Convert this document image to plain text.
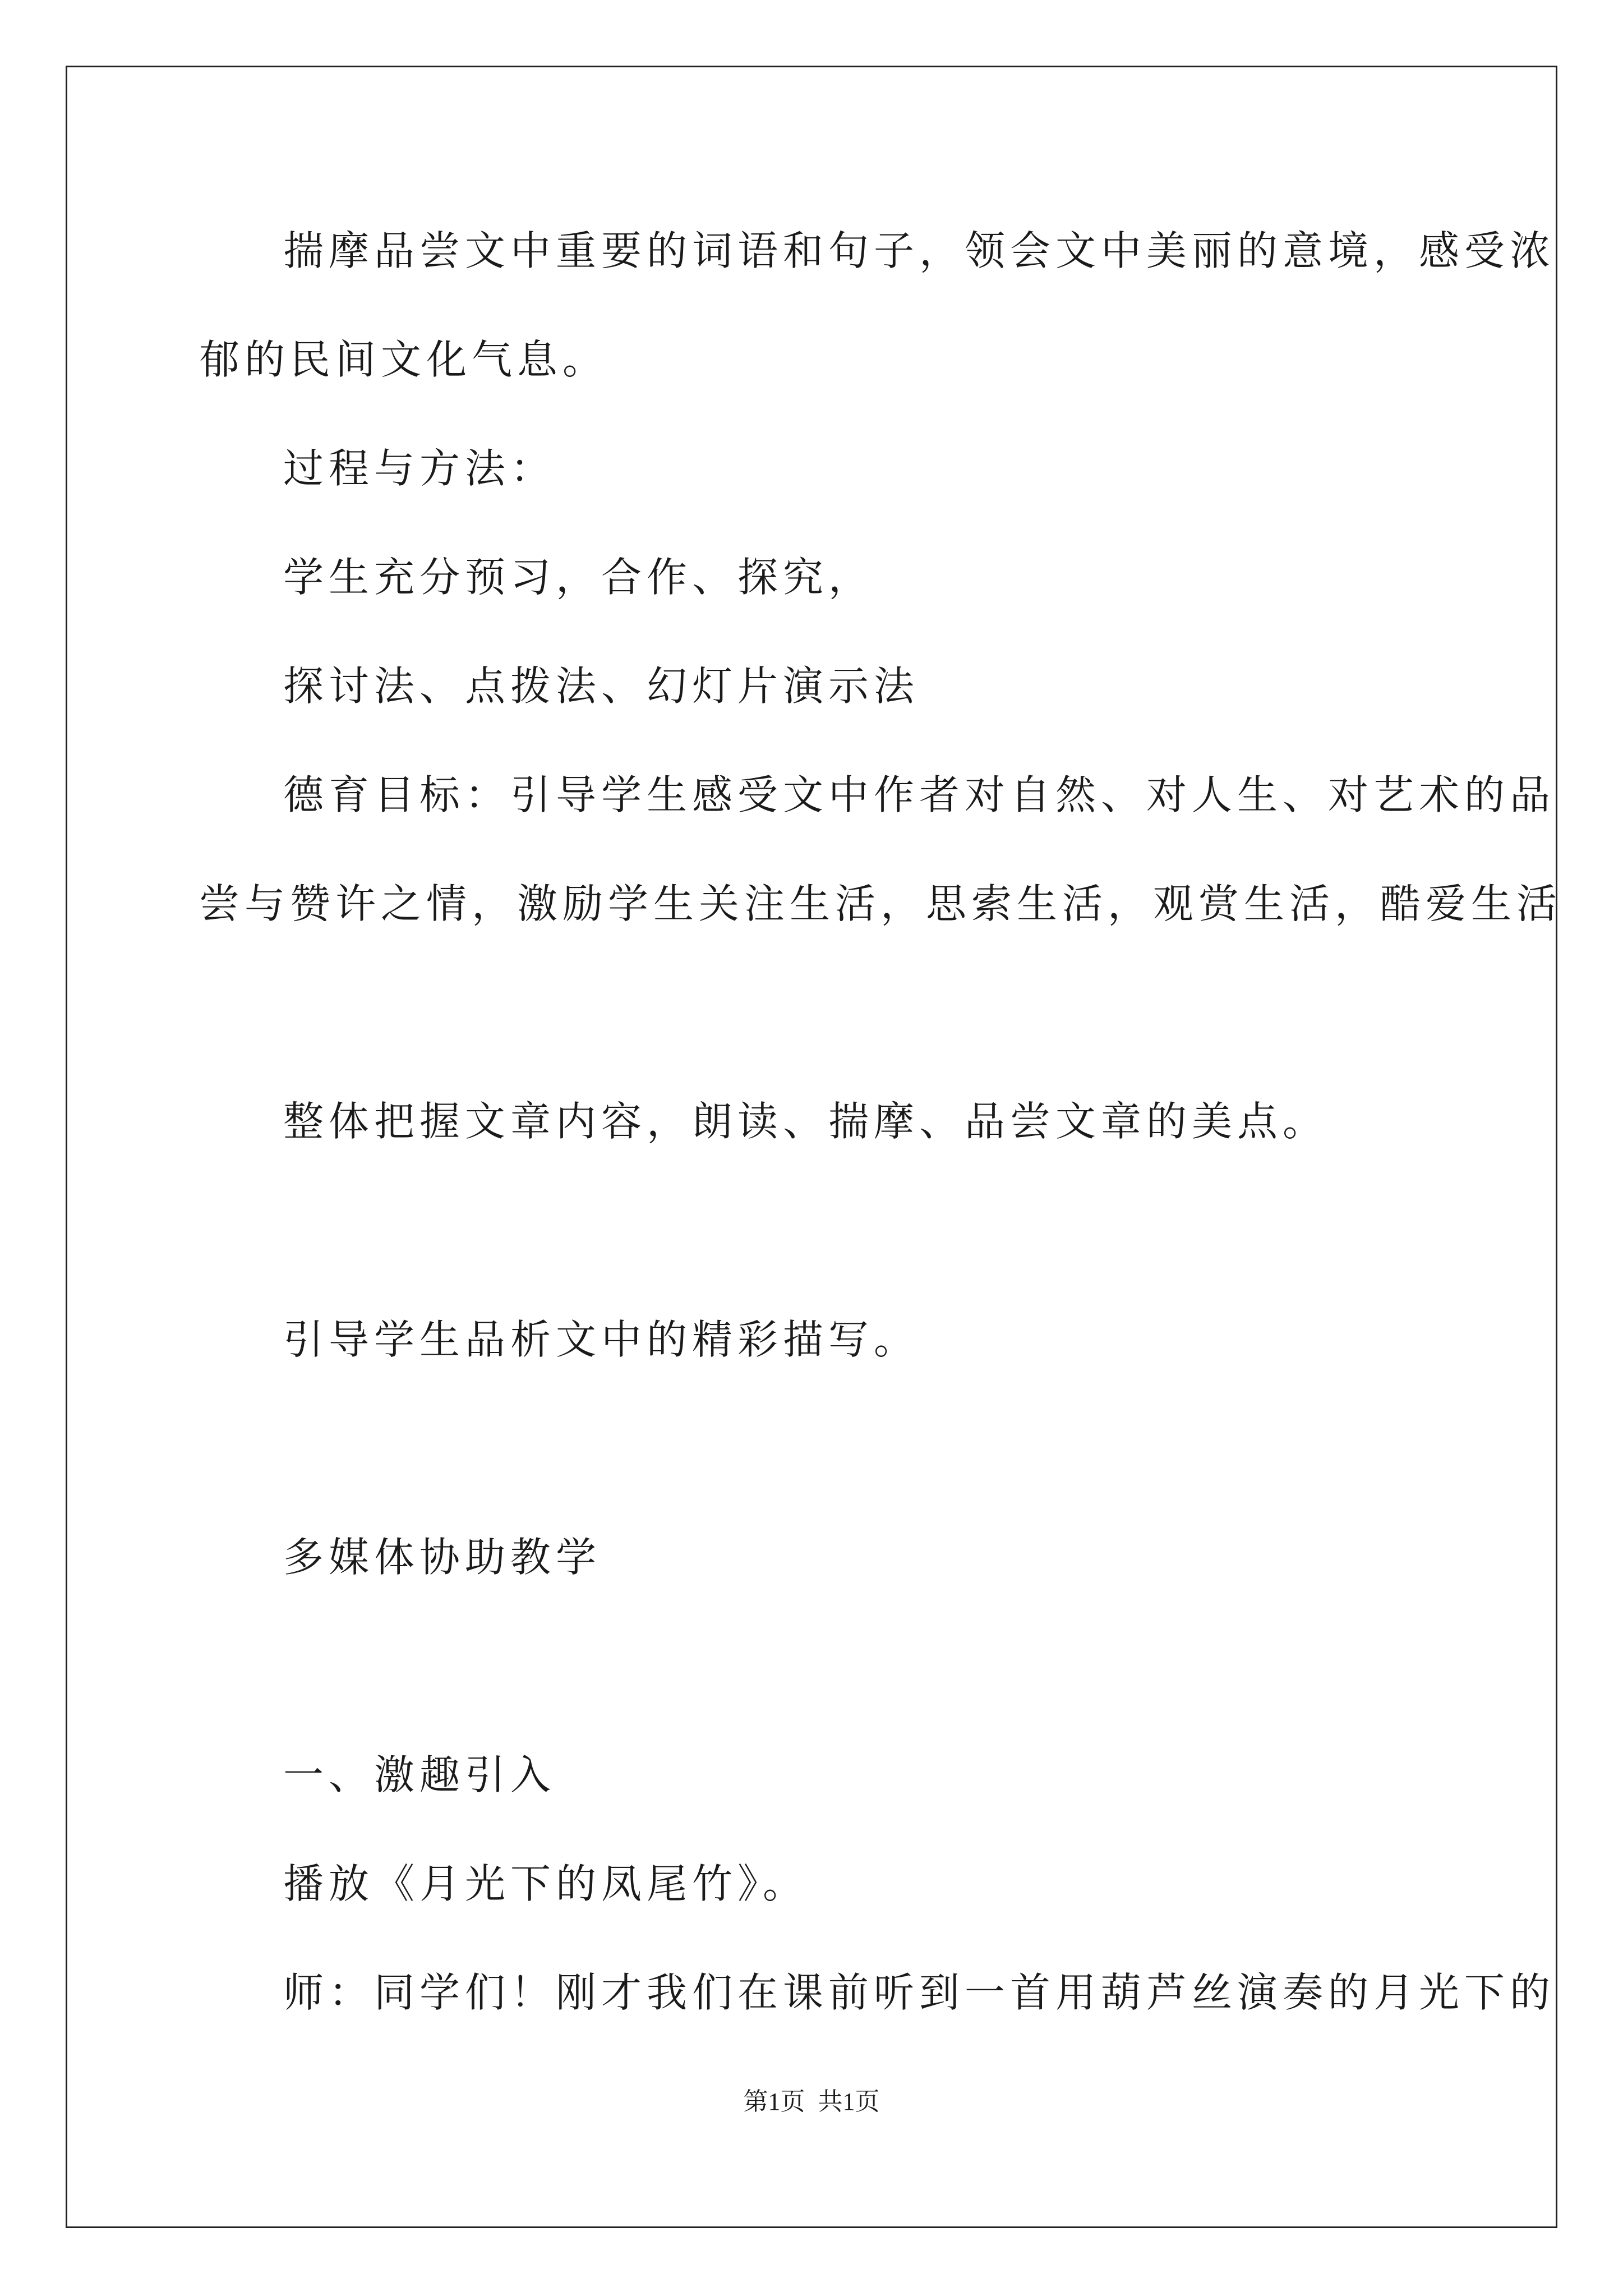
揣摩品尝文中重要的词语和句子，领会文中美丽的意境，感受浓
郁的民间文化气息。
过程与方法：
学生充分预习，合作、探究，
探讨法、点拨法、幻灯片演示法
德育目标：引导学生感受文中作者对自然、对人生、对艺术的品
尝与赞许之情，激励学生关注生活，思索生活，观赏生活，酷爱生活
整体把握文章内容，朗读、揣摩、品尝文章的美点。
引导学生品析文中的精彩描写。
多媒体协助教学
一、激趣引入
播放《月光下的凤尾竹》。
师：同学们！刚才我们在课前听到一首用葫芦丝演奏的月光下的
第1页 共1页
